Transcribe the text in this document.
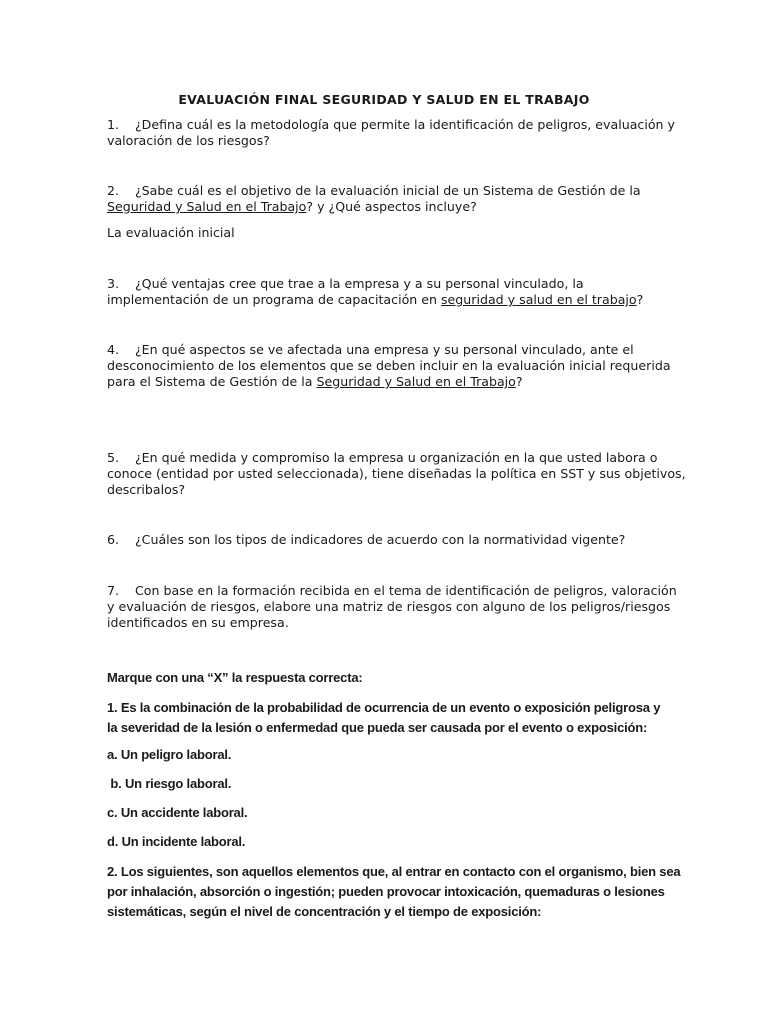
EVALUACIÓN FINAL SEGURIDAD Y SALUD EN EL TRABAJO

1. ¿Defina cuál es la metodología que permite la identificación de peligros, evaluación y valoración de los riesgos?

2. ¿Sabe cuál es el objetivo de la evaluación inicial de un Sistema de Gestión de la Seguridad y Salud en el Trabajo? y ¿Qué aspectos incluye?

La evaluación inicial

3. ¿Qué ventajas cree que trae a la empresa y a su personal vinculado, la implementación de un programa de capacitación en seguridad y salud en el trabajo?

4. ¿En qué aspectos se ve afectada una empresa y su personal vinculado, ante el desconocimiento de los elementos que se deben incluir en la evaluación inicial requerida para el Sistema de Gestión de la Seguridad y Salud en el Trabajo?

5. ¿En qué medida y compromiso la empresa u organización en la que usted labora o conoce (entidad por usted seleccionada), tiene diseñadas la política en SST y sus objetivos, describalos?

6. ¿Cuáles son los tipos de indicadores de acuerdo con la normatividad vigente?

7. Con base en la formación recibida en el tema de identificación de peligros, valoración y evaluación de riesgos, elabore una matriz de riesgos con alguno de los peligros/riesgos identificados en su empresa.

Marque con una “X” la respuesta correcta:

1. Es la combinación de la probabilidad de ocurrencia de un evento o exposición peligrosa y la severidad de la lesión o enfermedad que pueda ser causada por el evento o exposición:

a. Un peligro laboral.

b. Un riesgo laboral.

c. Un accidente laboral.

d. Un incidente laboral.

2. Los siguientes, son aquellos elementos que, al entrar en contacto con el organismo, bien sea por inhalación, absorción o ingestión; pueden provocar intoxicación, quemaduras o lesiones sistemáticas, según el nivel de concentración y el tiempo de exposición:
